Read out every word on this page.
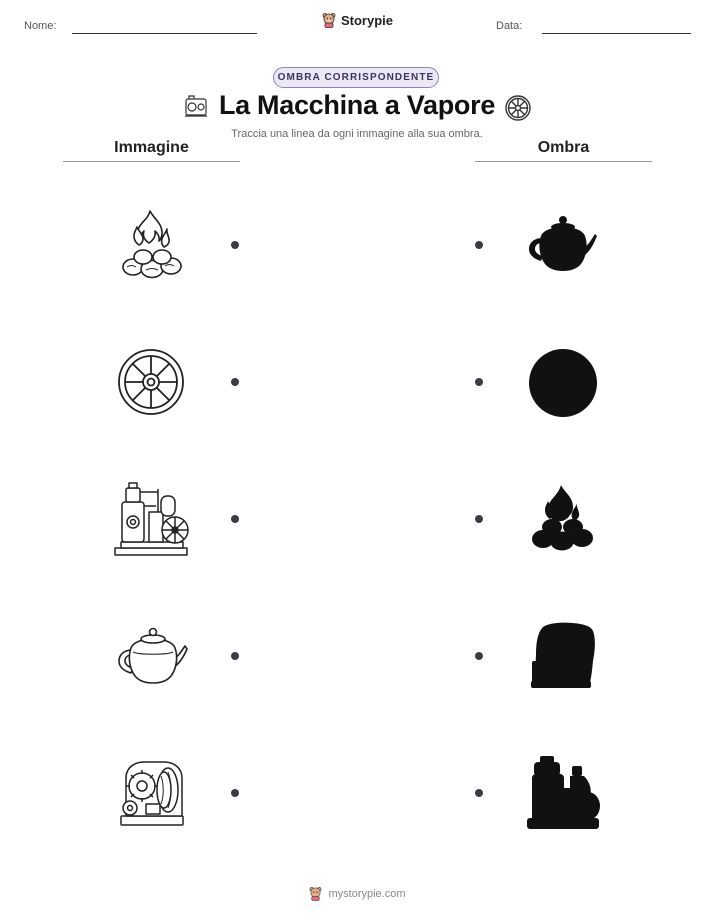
Nome:	Storypie	Data:
OMBRA CORRISPONDENTE
La Macchina a Vapore
Traccia una linea da ogni immagine alla sua ombra.
Immagine	Ombra
mystorypie.com
